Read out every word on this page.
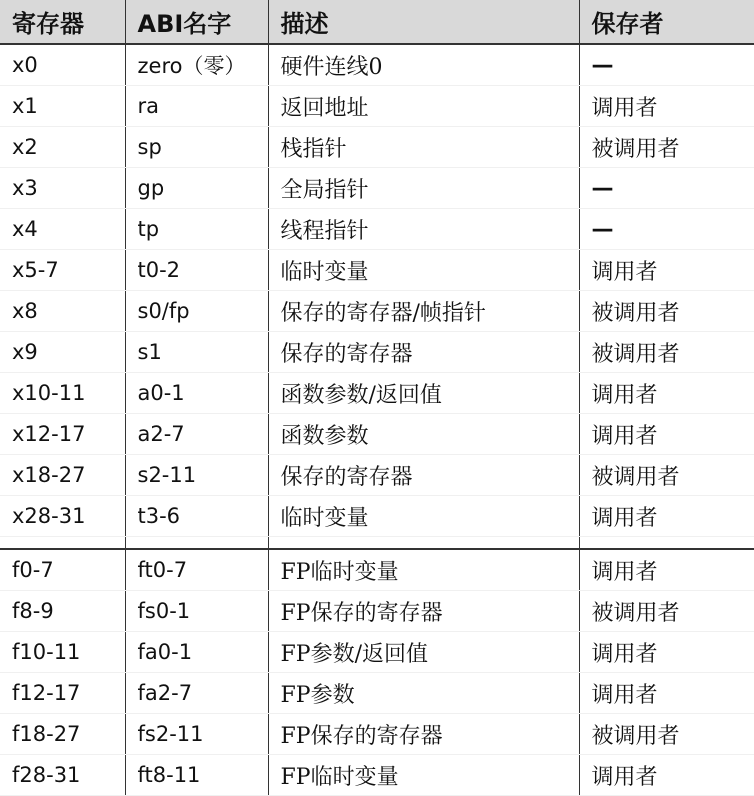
寄存器	ABI名字	描述	保存者
x0	zero（零）	硬件连线0	—
x1	ra	返回地址	调用者
x2	sp	栈指针	被调用者
x3	gp	全局指针	—
x4	tp	线程指针	—
x5-7	t0-2	临时变量	调用者
x8	s0/fp	保存的寄存器/帧指针	被调用者
x9	s1	保存的寄存器	被调用者
x10-11	a0-1	函数参数/返回值	调用者
x12-17	a2-7	函数参数	调用者
x18-27	s2-11	保存的寄存器	被调用者
x28-31	t3-6	临时变量	调用者

f0-7	ft0-7	FP临时变量	调用者
f8-9	fs0-1	FP保存的寄存器	被调用者
f10-11	fa0-1	FP参数/返回值	调用者
f12-17	fa2-7	FP参数	调用者
f18-27	fs2-11	FP保存的寄存器	被调用者
f28-31	ft8-11	FP临时变量	调用者
